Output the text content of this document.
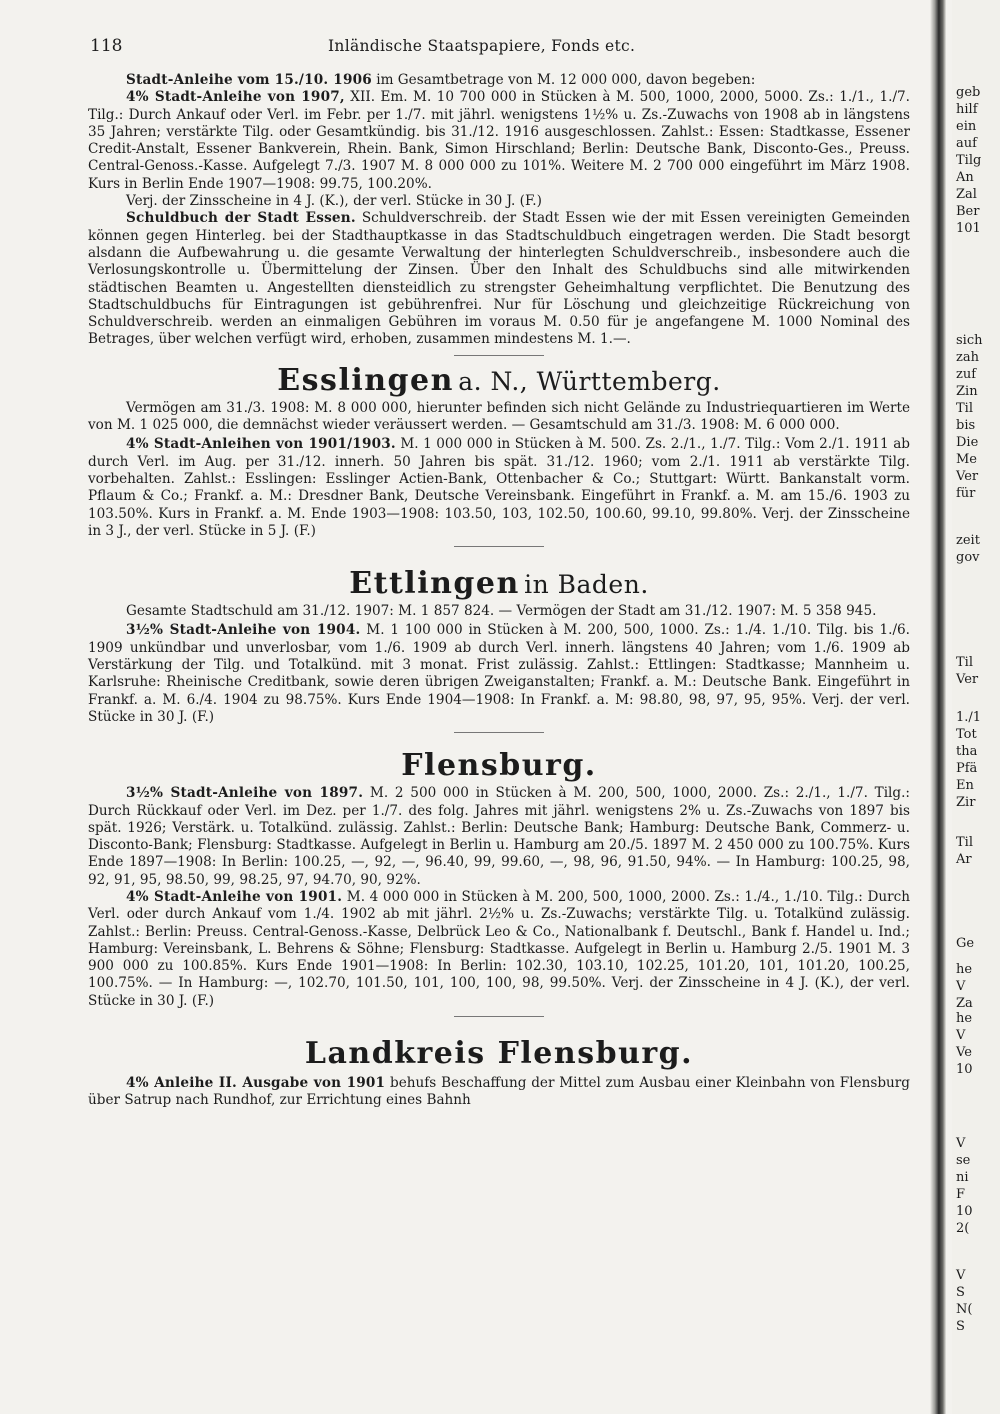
118	Inländische Staatspapiere, Fonds etc.

Stadt-Anleihe vom 15./10. 1906 im Gesamtbetrage von M. 12 000 000, davon begeben:

4% Stadt-Anleihe von 1907, XII. Em. M. 10 700 000 in Stücken à M. 500, 1000, 2000, 5000. Zs.: 1./1., 1./7. Tilg.: Durch Ankauf oder Verl. im Febr. per 1./7. mit jährl. wenigstens 1½% u. Zs.-Zuwachs von 1908 ab in längstens 35 Jahren; verstärkte Tilg. oder Gesamtkündig. bis 31./12. 1916 ausgeschlossen. Zahlst.: Essen: Stadtkasse, Essener Credit-Anstalt, Essener Bankverein, Rhein. Bank, Simon Hirschland; Berlin: Deutsche Bank, Disconto-Ges., Preuss. Central-Genoss.-Kasse. Aufgelegt 7./3. 1907 M. 8 000 000 zu 101%. Weitere M. 2 700 000 eingeführt im März 1908. Kurs in Berlin Ende 1907—1908: 99.75, 100.20%.

Verj. der Zinsscheine in 4 J. (K.), der verl. Stücke in 30 J. (F.)

Schuldbuch der Stadt Essen. Schuldverschreib. der Stadt Essen wie der mit Essen vereinigten Gemeinden können gegen Hinterleg. bei der Stadthauptkasse in das Stadtschuldbuch eingetragen werden. Die Stadt besorgt alsdann die Aufbewahrung u. die gesamte Verwaltung der hinterlegten Schuldverschreib., insbesondere auch die Verlosungskontrolle u. Übermittelung der Zinsen. Über den Inhalt des Schuldbuchs sind alle mitwirkenden städtischen Beamten u. Angestellten diensteidlich zu strengster Geheimhaltung verpflichtet. Die Benutzung des Stadtschuldbuchs für Eintragungen ist gebührenfrei. Nur für Löschung und gleichzeitige Rückreichung von Schuldverschreib. werden an einmaligen Gebühren im voraus M. 0.50 für je angefangene M. 1000 Nominal des Betrages, über welchen verfügt wird, erhoben, zusammen mindestens M. 1.—.

Esslingen a. N., Württemberg.

Vermögen am 31./3. 1908: M. 8 000 000, hierunter befinden sich nicht Gelände zu Industriequartieren im Werte von M. 1 025 000, die demnächst wieder veräussert werden. — Gesamtschuld am 31./3. 1908: M. 6 000 000.

4% Stadt-Anleihen von 1901/1903. M. 1 000 000 in Stücken à M. 500. Zs. 2./1., 1./7. Tilg.: Vom 2./1. 1911 ab durch Verl. im Aug. per 31./12. innerh. 50 Jahren bis spät. 31./12. 1960; vom 2./1. 1911 ab verstärkte Tilg. vorbehalten. Zahlst.: Esslingen: Esslinger Actien-Bank, Ottenbacher & Co.; Stuttgart: Württ. Bankanstalt vorm. Pflaum & Co.; Frankf. a. M.: Dresdner Bank, Deutsche Vereinsbank. Eingeführt in Frankf. a. M. am 15./6. 1903 zu 103.50%. Kurs in Frankf. a. M. Ende 1903—1908: 103.50, 103, 102.50, 100.60, 99.10, 99.80%. Verj. der Zinsscheine in 3 J., der verl. Stücke in 5 J. (F.)

Ettlingen in Baden.

Gesamte Stadtschuld am 31./12. 1907: M. 1 857 824. — Vermögen der Stadt am 31./12. 1907: M. 5 358 945.

3½% Stadt-Anleihe von 1904. M. 1 100 000 in Stücken à M. 200, 500, 1000. Zs.: 1./4. 1./10. Tilg. bis 1./6. 1909 unkündbar und unverlosbar, vom 1./6. 1909 ab durch Verl. innerh. längstens 40 Jahren; vom 1./6. 1909 ab Verstärkung der Tilg. und Totalkünd. mit 3 monat. Frist zulässig. Zahlst.: Ettlingen: Stadtkasse; Mannheim u. Karlsruhe: Rheinische Creditbank, sowie deren übrigen Zweiganstalten; Frankf. a. M.: Deutsche Bank. Eingeführt in Frankf. a. M. 6./4. 1904 zu 98.75%. Kurs Ende 1904—1908: In Frankf. a. M: 98.80, 98, 97, 95, 95%. Verj. der verl. Stücke in 30 J. (F.)

Flensburg.

3½% Stadt-Anleihe von 1897. M. 2 500 000 in Stücken à M. 200, 500, 1000, 2000. Zs.: 2./1., 1./7. Tilg.: Durch Rückkauf oder Verl. im Dez. per 1./7. des folg. Jahres mit jährl. wenigstens 2% u. Zs.-Zuwachs von 1897 bis spät. 1926; Verstärk. u. Totalkünd. zulässig. Zahlst.: Berlin: Deutsche Bank; Hamburg: Deutsche Bank, Commerz- u. Disconto-Bank; Flensburg: Stadtkasse. Aufgelegt in Berlin u. Hamburg am 20./5. 1897 M. 2 450 000 zu 100.75%. Kurs Ende 1897—1908: In Berlin: 100.25, —, 92, —, 96.40, 99, 99.60, —, 98, 96, 91.50, 94%. — In Hamburg: 100.25, 98, 92, 91, 95, 98.50, 99, 98.25, 97, 94.70, 90, 92%.

4% Stadt-Anleihe von 1901. M. 4 000 000 in Stücken à M. 200, 500, 1000, 2000. Zs.: 1./4., 1./10. Tilg.: Durch Verl. oder durch Ankauf vom 1./4. 1902 ab mit jährl. 2½% u. Zs.-Zuwachs; verstärkte Tilg. u. Totalkünd zulässig. Zahlst.: Berlin: Preuss. Central-Genoss.-Kasse, Delbrück Leo & Co., Nationalbank f. Deutschl., Bank f. Handel u. Ind.; Hamburg: Vereinsbank, L. Behrens & Söhne; Flensburg: Stadtkasse. Aufgelegt in Berlin u. Hamburg 2./5. 1901 M. 3 900 000 zu 100.85%. Kurs Ende 1901—1908: In Berlin: 102.30, 103.10, 102.25, 101.20, 101, 101.20, 100.25, 100.75%. — In Hamburg: —, 102.70, 101.50, 101, 100, 100, 98, 99.50%. Verj. der Zinsscheine in 4 J. (K.), der verl. Stücke in 30 J. (F.)

Landkreis Flensburg.

4% Anleihe II. Ausgabe von 1901 behufs Beschaffung der Mittel zum Ausbau einer Kleinbahn von Flensburg über Satrup nach Rundhof, zur Errichtung eines Bahnh

geb
hilf
ein
auf
Tilg
An
Zal
Ber
101
sich
zah
zuf
Zin
Til
bis
Die
Me
Ver
für
zeit
gov
Til
Ver
1./1
Tot
tha
Pfä
En
Zir
Til
Ar
Ge
he
V
Za
he
V
Ve
10
V
se
ni
F
10
2(
V
S
N(
S
